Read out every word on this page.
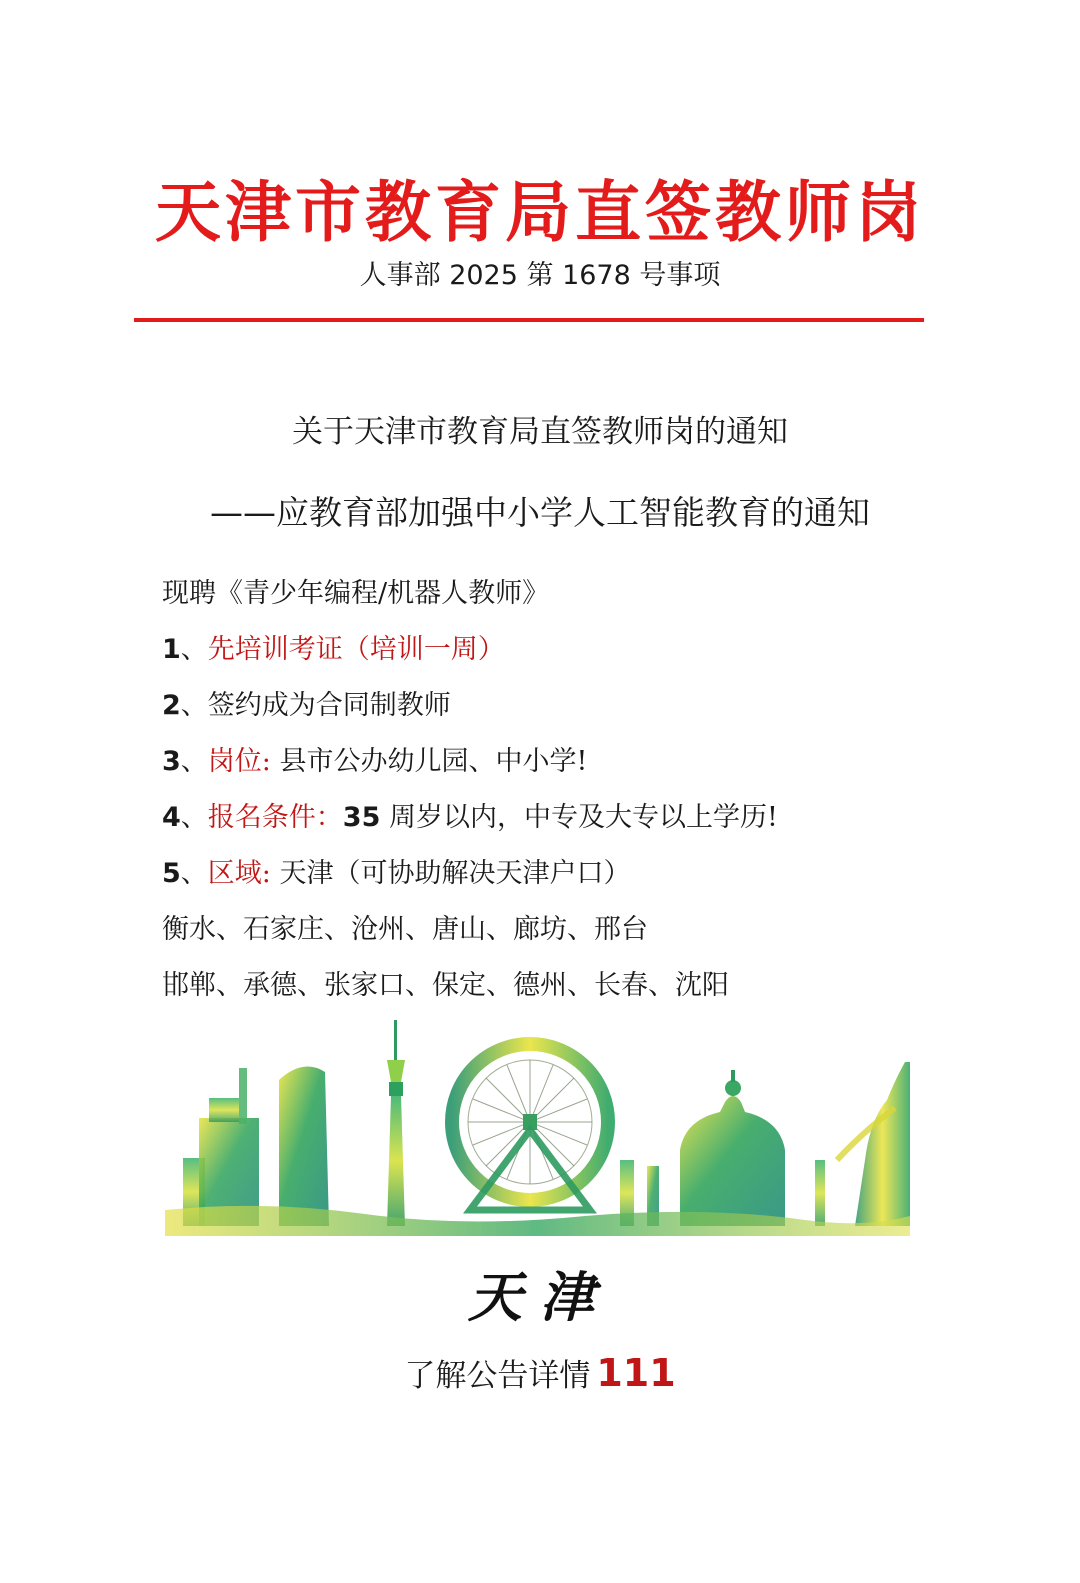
天津市教育局直签教师岗
人事部 2025 第 1678 号事项
关于天津市教育局直签教师岗的通知
——应教育部加强中小学人工智能教育的通知
现聘《青少年编程/机器人教师》
1、先培训考证（培训一周）
2、签约成为合同制教师
3、岗位: 县市公办幼儿园、中小学!
4、报名条件：35 周岁以内，中专及大专以上学历!
5、区域: 天津（可协助解决天津户口）
衡水、石家庄、沧州、唐山、廊坊、邢台
邯郸、承德、张家口、保定、德州、长春、沈阳
天津
了解公告详情 111
